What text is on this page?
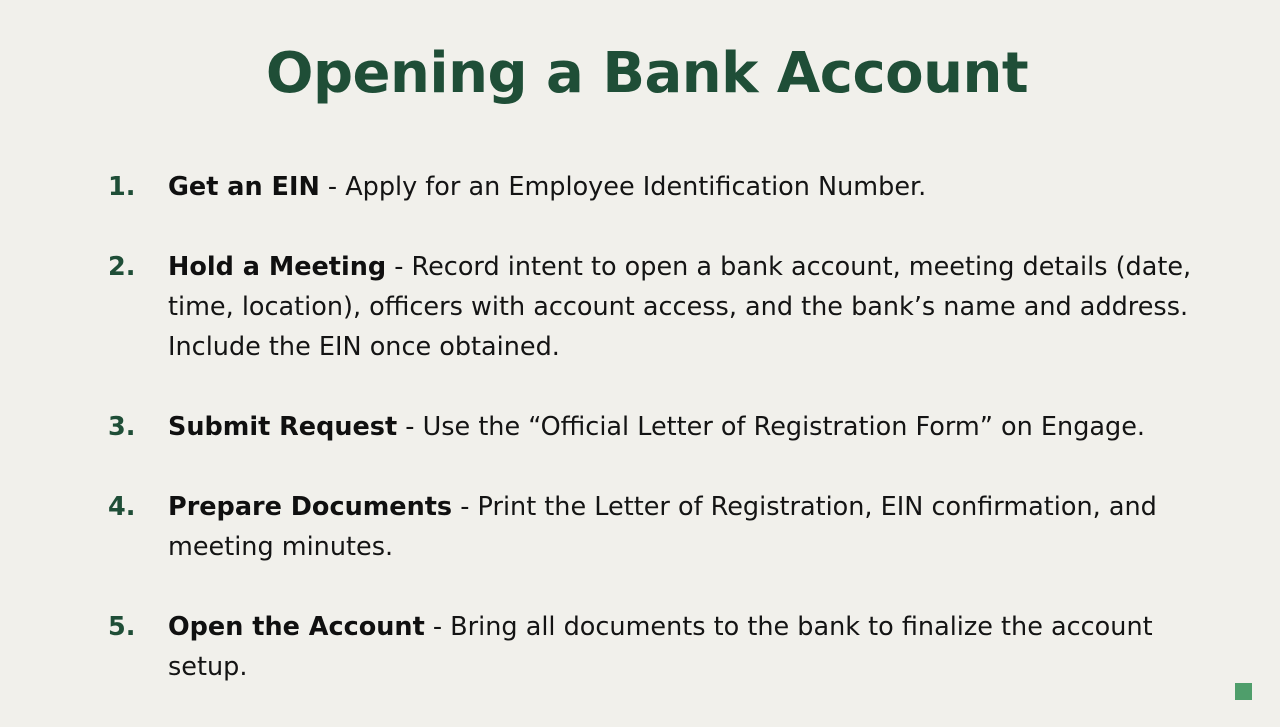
Opening a Bank Account
1.	Get an EIN - Apply for an Employee Identification Number.
2.	Hold a Meeting - Record intent to open a bank account, meeting details (date, time, location), officers with account access, and the bank’s name and address. Include the EIN once obtained.
3.	Submit Request - Use the “Official Letter of Registration Form” on Engage.
4.	Prepare Documents - Print the Letter of Registration, EIN confirmation, and meeting minutes.
5.	Open the Account - Bring all documents to the bank to finalize the account setup.
